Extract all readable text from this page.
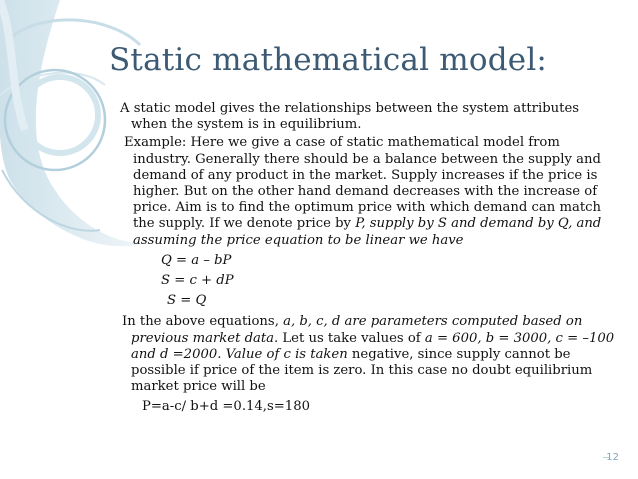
Static mathematical model:

A static model gives the relationships between the system attributes when the system is in equilibrium.

Example: Here we give a case of static mathematical model from industry. Generally there should be a balance between the supply and demand of any product in the market. Supply increases if the price is higher. But on the other hand demand decreases with the increase of price. Aim is to find the optimum price with which demand can match the supply. If we denote price by P, supply by S and demand by Q, and assuming the price equation to be linear we have

Q = a – bP

S = c + dP

S = Q

In the above equations, a, b, c, d are parameters computed based on previous market data. Let us take values of a = 600, b = 3000, c = –100 and d =2000. Value of c is taken negative, since supply cannot be possible if price of the item is zero. In this case no doubt equilibrium market price will be

P=a-c/ b+d =0.14,s=180

12
